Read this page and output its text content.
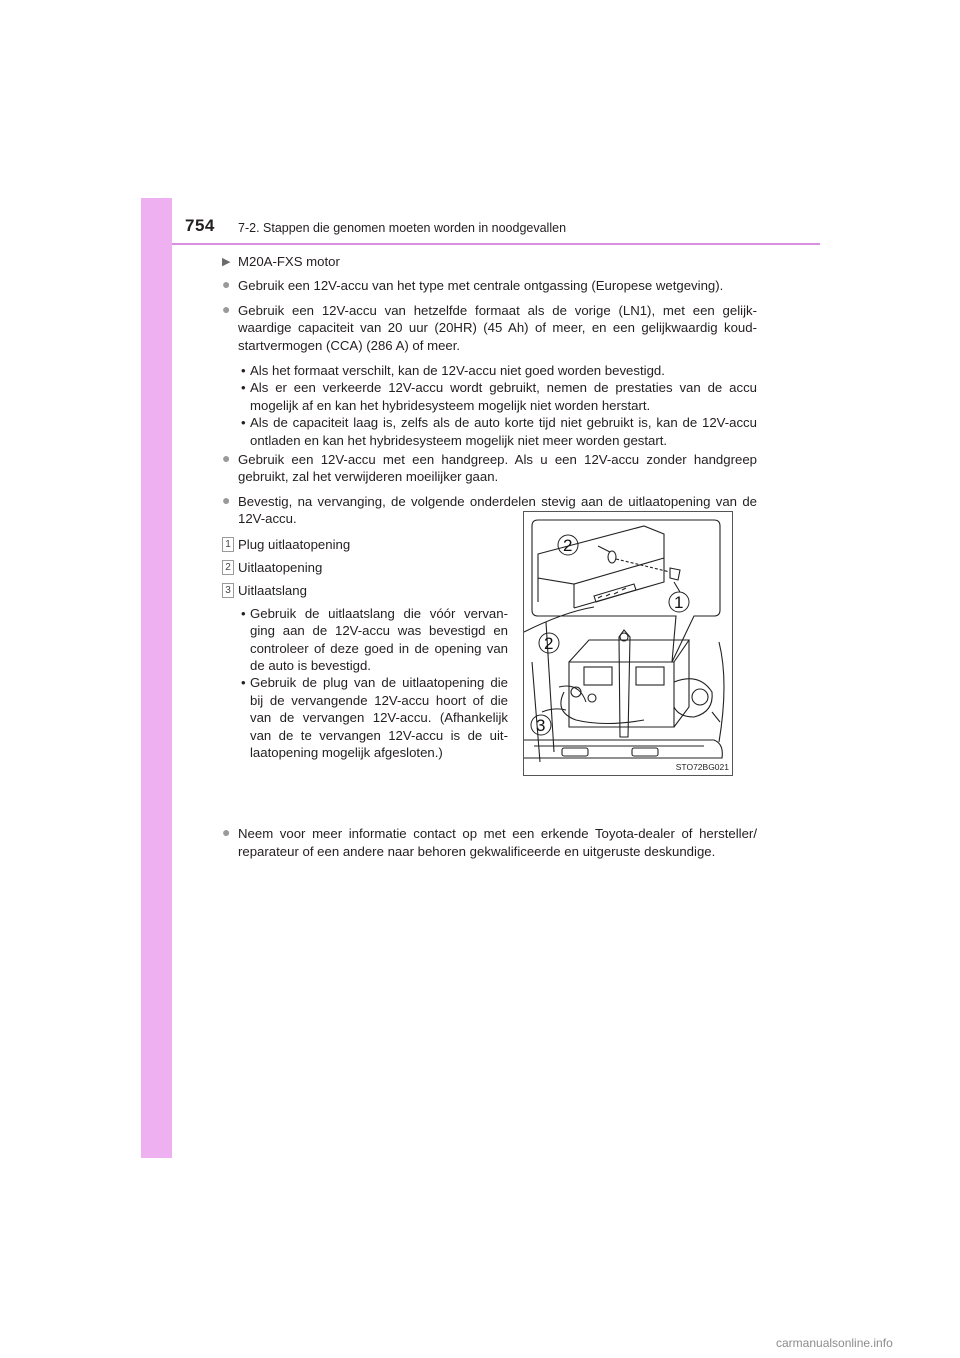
754 7-2. Stappen die genomen moeten worden in noodgevallen
▶ M20A-FXS motor
● Gebruik een 12V-accu van het type met centrale ontgassing (Europese wetgeving).
● Gebruik een 12V-accu van hetzelfde formaat als de vorige (LN1), met een gelijk-waardige capaciteit van 20 uur (20HR) (45 Ah) of meer, en een gelijkwaardig koud-startvermogen (CCA) (286 A) of meer.
• Als het formaat verschilt, kan de 12V-accu niet goed worden bevestigd.
• Als er een verkeerde 12V-accu wordt gebruikt, nemen de prestaties van de accu mogelijk af en kan het hybridesysteem mogelijk niet worden herstart.
• Als de capaciteit laag is, zelfs als de auto korte tijd niet gebruikt is, kan de 12V-accu ontladen en kan het hybridesysteem mogelijk niet meer worden gestart.
● Gebruik een 12V-accu met een handgreep. Als u een 12V-accu zonder handgreep gebruikt, zal het verwijderen moeilijker gaan.
● Bevestig, na vervanging, de volgende onderdelen stevig aan de uitlaatopening van de 12V-accu.
1 Plug uitlaatopening
2 Uitlaatopening
3 Uitlaatslang
• Gebruik de uitlaatslang die vóór vervan-ging aan de 12V-accu was bevestigd en controleer of deze goed in de opening van de auto is bevestigd.
• Gebruik de plug van de uitlaatopening die bij de vervangende 12V-accu hoort of die van de vervangen 12V-accu. (Afhankelijk van de te vervangen 12V-accu is de uit-laatopening mogelijk afgesloten.)
● Neem voor meer informatie contact op met een erkende Toyota-dealer of hersteller/ reparateur of een andere naar behoren gekwalificeerde en uitgeruste deskundige.
2
1
2
3
STO72BG021
carmanualsonline.info
